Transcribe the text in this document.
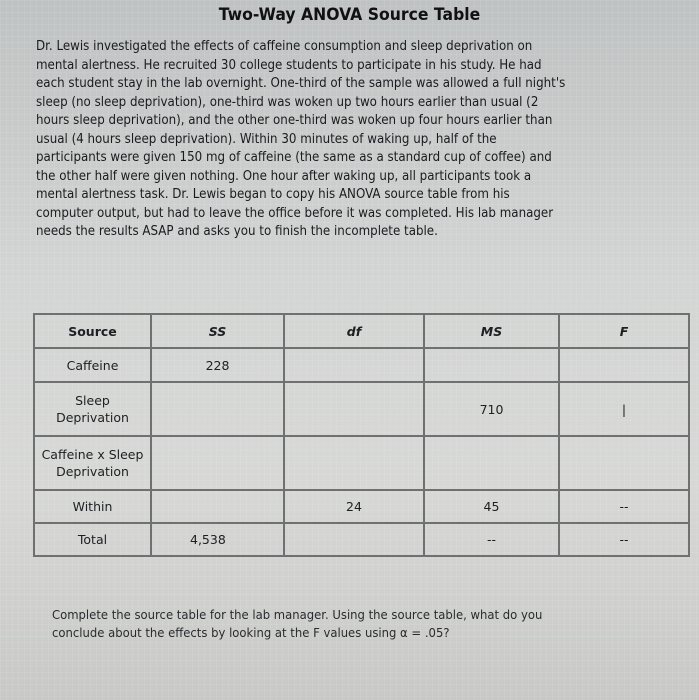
Two-Way ANOVA Source Table
Dr. Lewis investigated the effects of caffeine consumption and sleep deprivation on
mental alertness. He recruited 30 college students to participate in his study. He had
each student stay in the lab overnight. One-third of the sample was allowed a full night's
sleep (no sleep deprivation), one-third was woken up two hours earlier than usual (2
hours sleep deprivation), and the other one-third was woken up four hours earlier than
usual (4 hours sleep deprivation). Within 30 minutes of waking up, half of the
participants were given 150 mg of caffeine (the same as a standard cup of coffee) and
the other half were given nothing. One hour after waking up, all participants took a
mental alertness task. Dr. Lewis began to copy his ANOVA source table from his
computer output, but had to leave the office before it was completed. His lab manager
needs the results ASAP and asks you to finish the incomplete table.
Source	SS	df	MS	F
Caffeine	228			

Sleep
Deprivation			710	|

Caffeine x Sleep
Deprivation				

Within		24	45	--
Total	4,538		--	--
Complete the source table for the lab manager. Using the source table, what do you
conclude about the effects by looking at the F values using α = .05?
